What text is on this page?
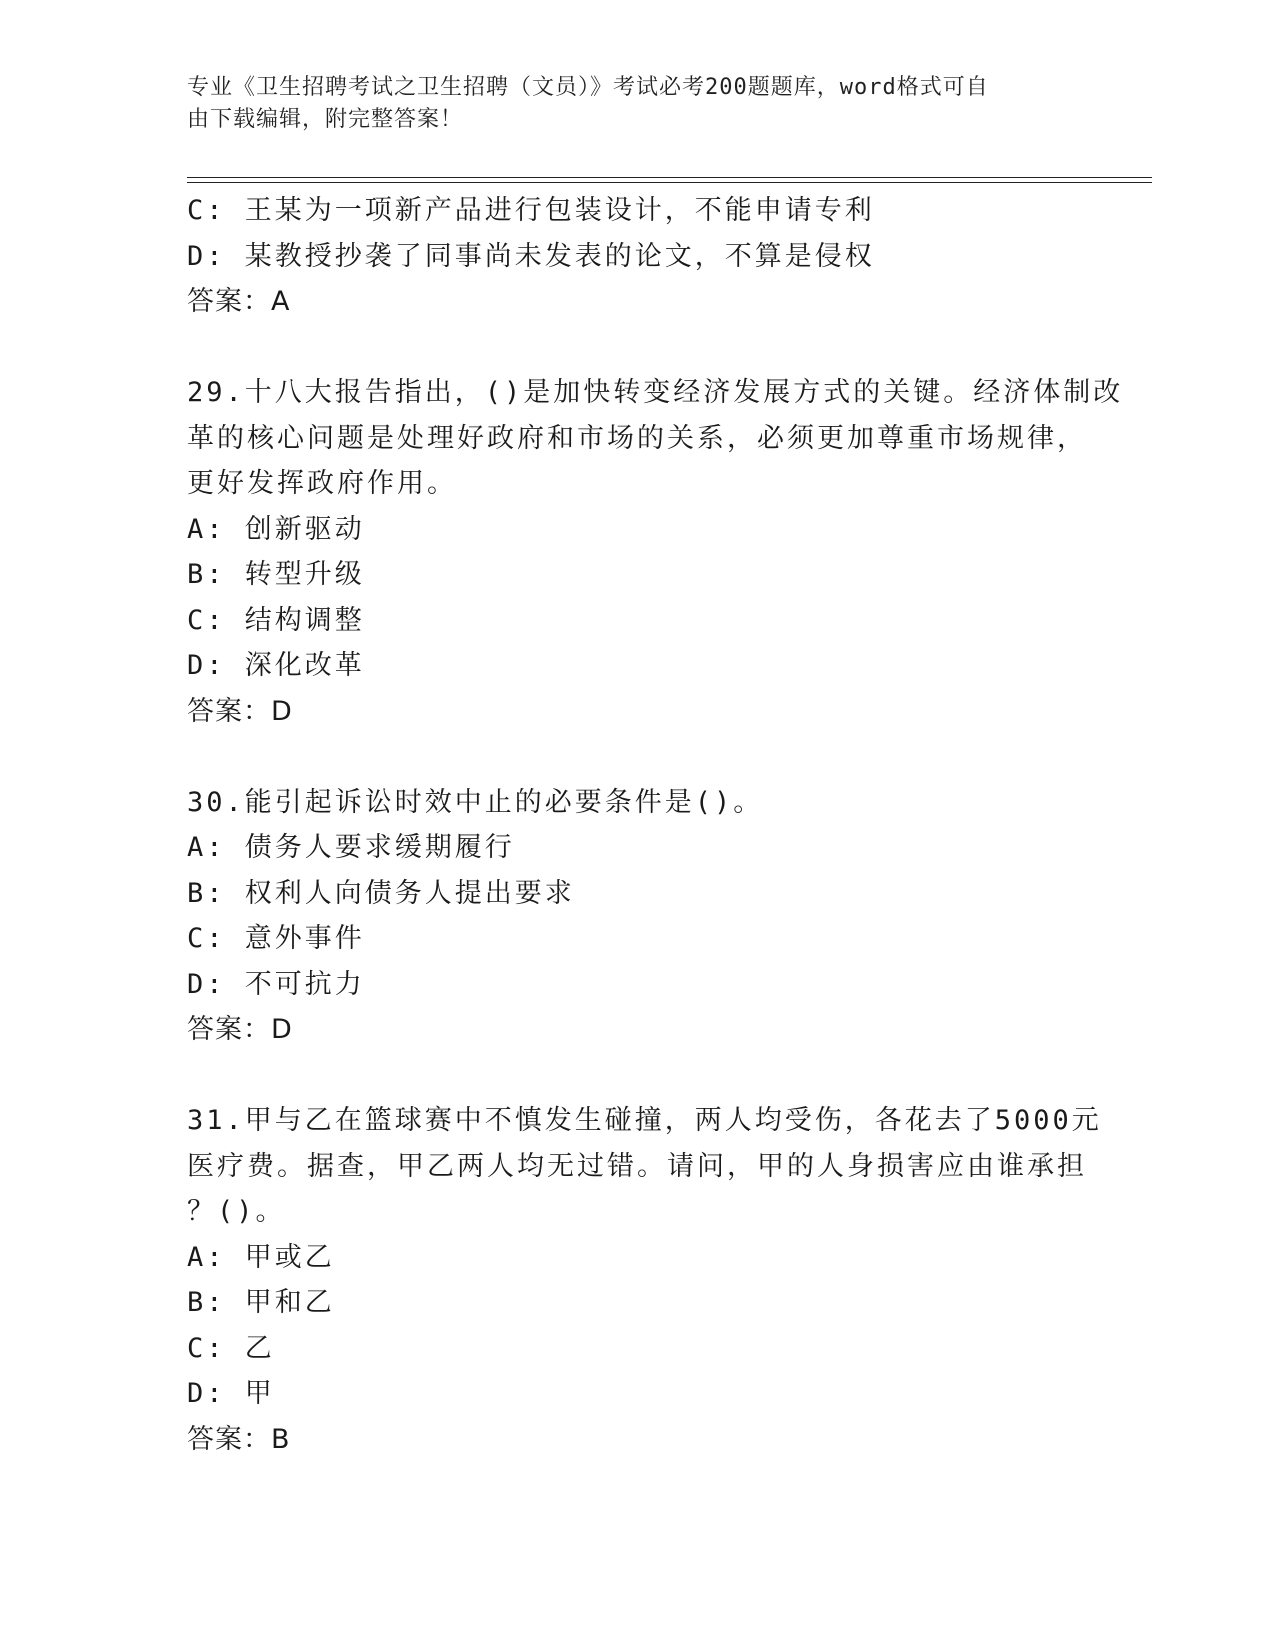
专业《卫生招聘考试之卫生招聘（文员）》考试必考200题题库，word格式可自
由下载编辑，附完整答案！
C: 王某为一项新产品进行包装设计，不能申请专利
D: 某教授抄袭了同事尚未发表的论文，不算是侵权
答案：A
29.十八大报告指出，()是加快转变经济发展方式的关键。经济体制改
革的核心问题是处理好政府和市场的关系，必须更加尊重市场规律，
更好发挥政府作用。
A: 创新驱动
B: 转型升级
C: 结构调整
D: 深化改革
答案：D
30.能引起诉讼时效中止的必要条件是()。
A: 债务人要求缓期履行
B: 权利人向债务人提出要求
C: 意外事件
D: 不可抗力
答案：D
31.甲与乙在篮球赛中不慎发生碰撞，两人均受伤，各花去了5000元
医疗费。据查，甲乙两人均无过错。请问，甲的人身损害应由谁承担
？()。
A: 甲或乙
B: 甲和乙
C: 乙
D: 甲
答案：B
